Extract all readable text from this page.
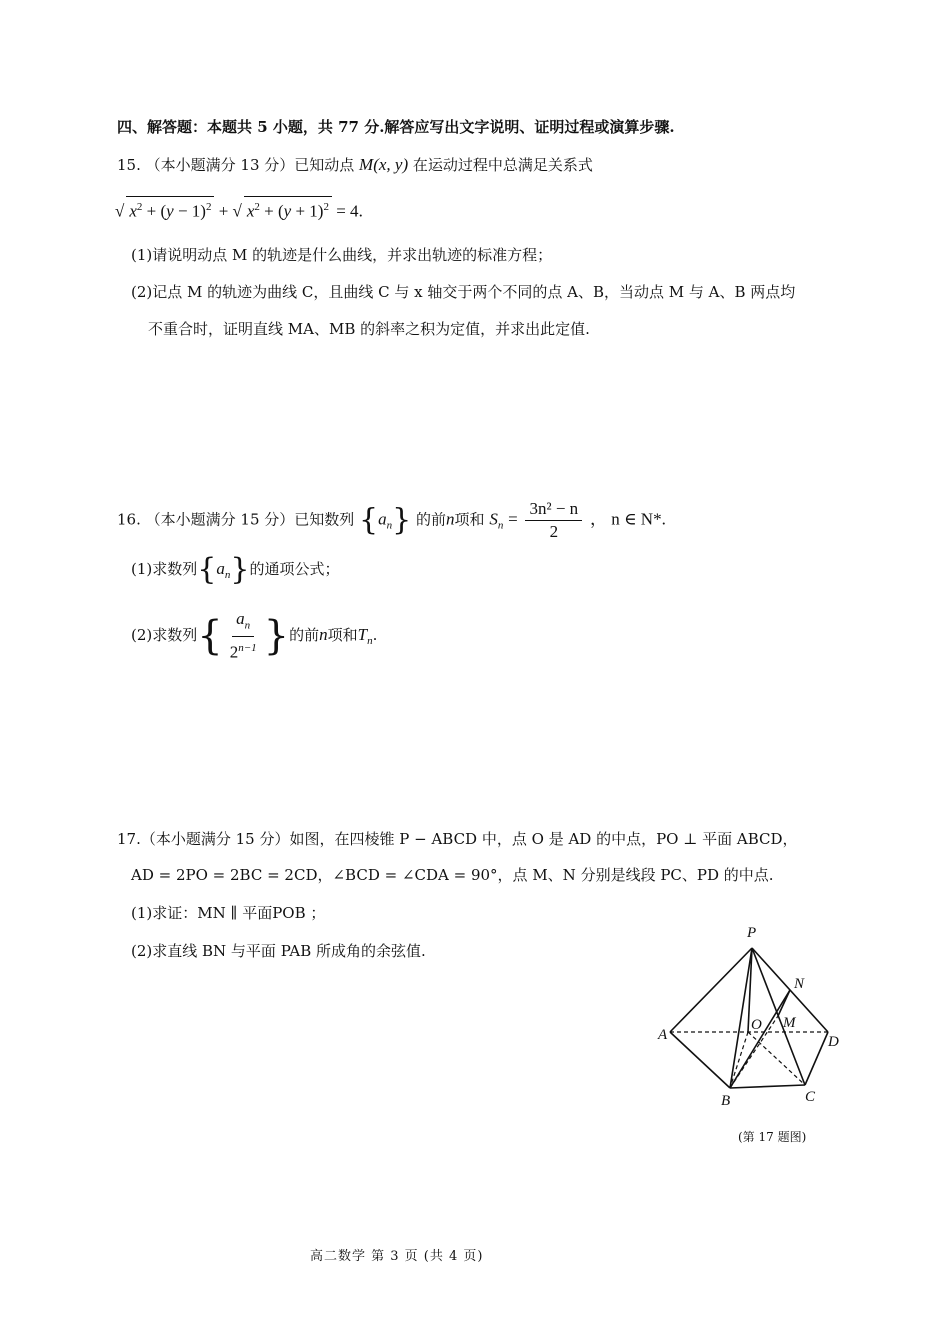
四、解答题：本题共 5 小题，共 77 分.解答应写出文字说明、证明过程或演算步骤.
15. （本小题满分 13 分）已知动点 M(x, y) 在运动过程中总满足关系式
√ $x^2 + (y - 1)^2$ + √ $x^2 + (y + 1)^2 = 4$.
(1)请说明动点 M 的轨迹是什么曲线，并求出轨迹的标准方程；
(2)记点 M 的轨迹为曲线 C，且曲线 C 与 x 轴交于两个不同的点 A、B，当动点 M 与 A、B 两点均
不重合时，证明直线 MA、MB 的斜率之积为定值，并求出此定值.
16. （本小题满分 15 分）已知数列 $\{a_n\}$ 的前n项和 $S_n = \frac{\text{3n² − n}}{2}$ ， n ∈ N*.
(1)求数列$\{a_n\}$的通项公式；
(2)求数列{ $\frac{a_n}{2^{n-1}}$ }的前n项和$T_n$.
17.（本小题满分 15 分）如图，在四棱锥 P − ABCD 中，点 O 是 AD 的中点，PO ⊥ 平面 ABCD，
AD = 2PO = 2BC = 2CD，∠BCD = ∠CDA = 90°，点 M、N 分别是线段 PC、PD 的中点.
(1)求证：MN ∥ 平面POB ；
(2)求直线 BN 与平面 PAB 所成角的余弦值.
P
N
M
O
A	D
B	C
(第 17 题图)
高二数学 第 3 页 (共 4 页)
